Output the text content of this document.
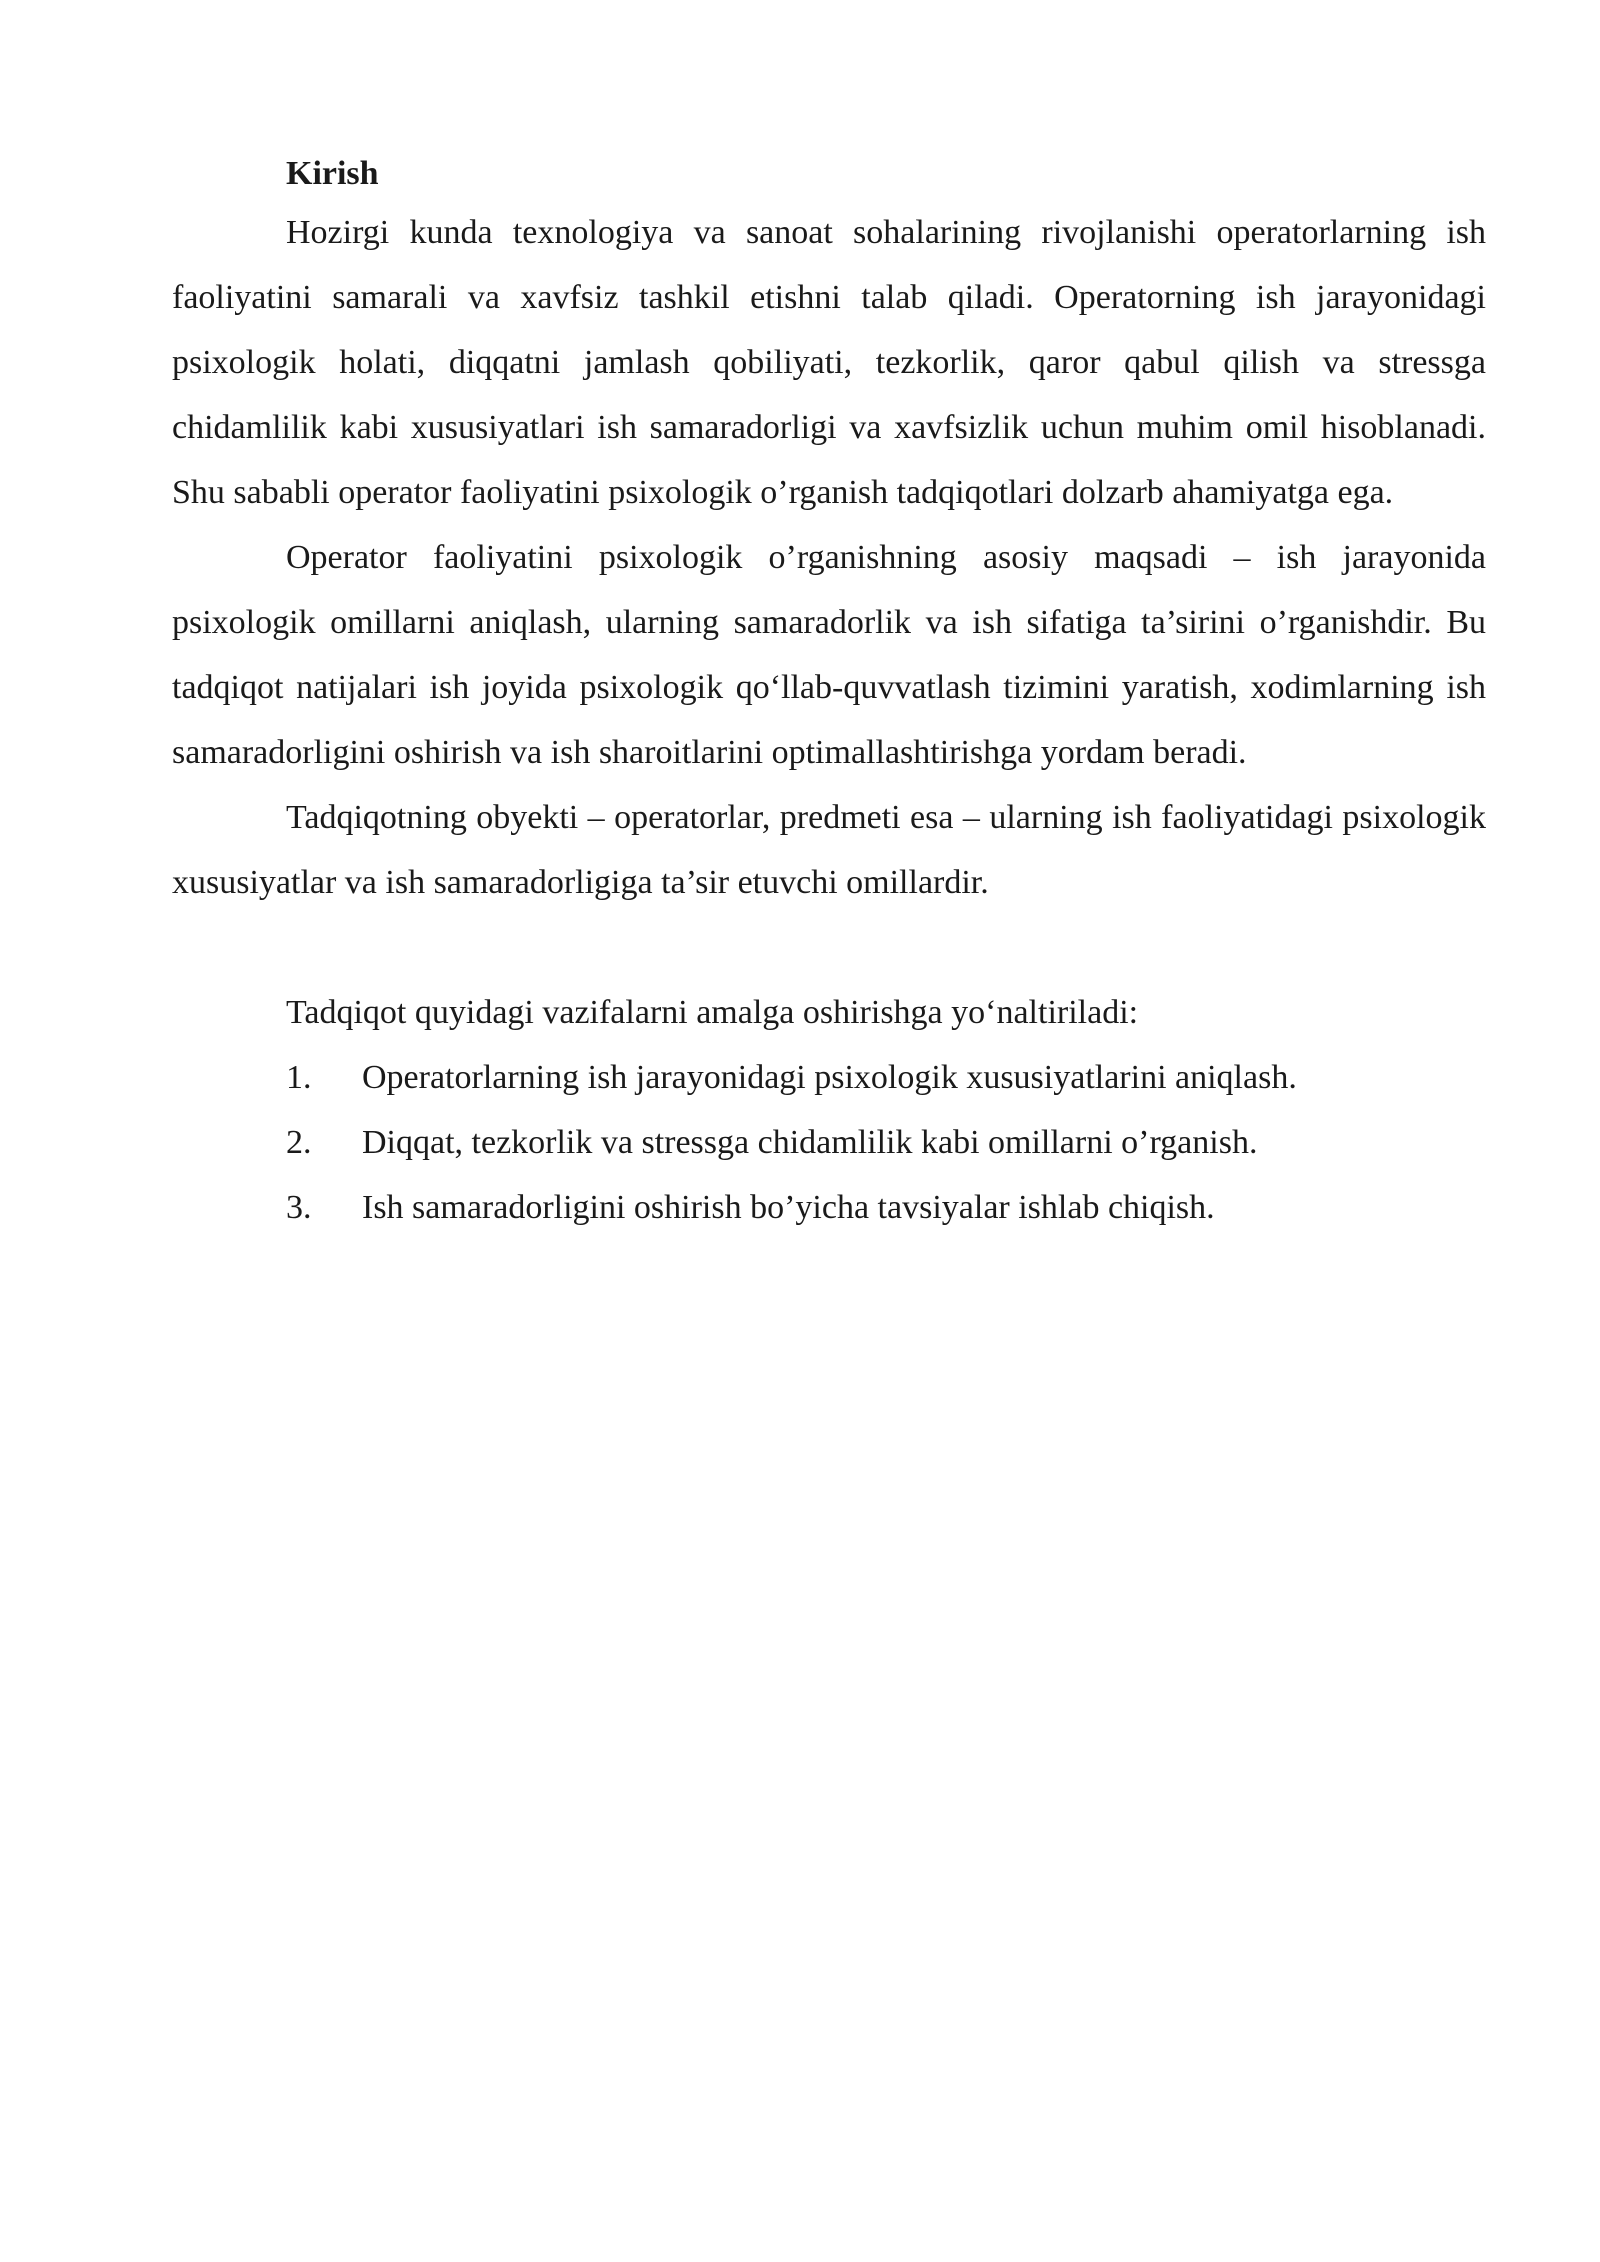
Kirish

Hozirgi kunda texnologiya va sanoat sohalarining rivojlanishi operatorlarning ish faoliyatini samarali va xavfsiz tashkil etishni talab qiladi. Operatorning ish jarayonidagi psixologik holati, diqqatni jamlash qobiliyati, tezkorlik, qaror qabul qilish va stressga chidamlilik kabi xususiyatlari ish samaradorligi va xavfsizlik uchun muhim omil hisoblanadi. Shu sababli operator faoliyatini psixologik o’rganish tadqiqotlari dolzarb ahamiyatga ega.

Operator faoliyatini psixologik o’rganishning asosiy maqsadi – ish jarayonida psixologik omillarni aniqlash, ularning samaradorlik va ish sifatiga ta’sirini o’rganishdir. Bu tadqiqot natijalari ish joyida psixologik qo‘llab-quvvatlash tizimini yaratish, xodimlarning ish samaradorligini oshirish va ish sharoitlarini optimallashtirishga yordam beradi.

Tadqiqotning obyekti – operatorlar, predmeti esa – ularning ish faoliyatidagi psixologik xususiyatlar va ish samaradorligiga ta’sir etuvchi omillardir.

Tadqiqot quyidagi vazifalarni amalga oshirishga yo‘naltiriladi:

1.	Operatorlarning ish jarayonidagi psixologik xususiyatlarini aniqlash.
2.	Diqqat, tezkorlik va stressga chidamlilik kabi omillarni o’rganish.
3.	Ish samaradorligini oshirish bo’yicha tavsiyalar ishlab chiqish.
